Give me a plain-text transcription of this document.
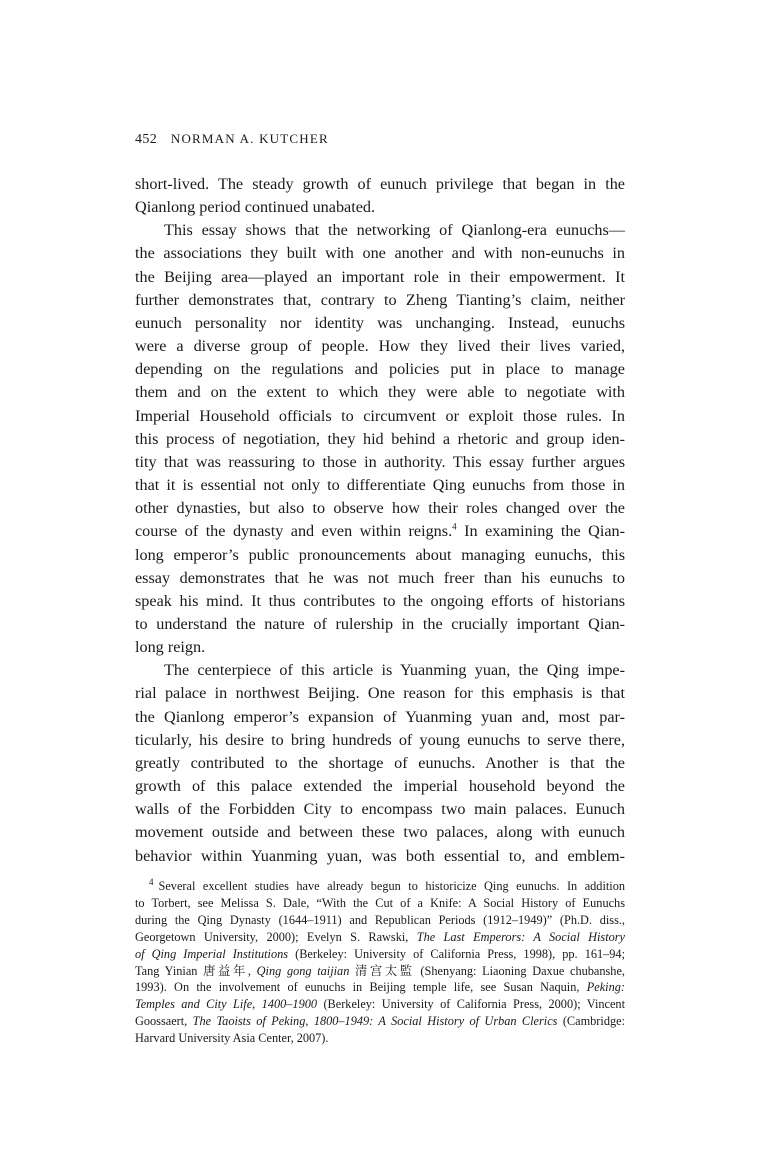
452 NORMAN A. KUTCHER
short-lived. The steady growth of eunuch privilege that began in the
Qianlong period continued unabated.
This essay shows that the networking of Qianlong-era eunuchs—
the associations they built with one another and with non-eunuchs in
the Beijing area—played an important role in their empowerment. It
further demonstrates that, contrary to Zheng Tianting’s claim, neither
eunuch personality nor identity was unchanging. Instead, eunuchs
were a diverse group of people. How they lived their lives varied,
depending on the regulations and policies put in place to manage
them and on the extent to which they were able to negotiate with
Imperial Household officials to circumvent or exploit those rules. In
this process of negotiation, they hid behind a rhetoric and group iden-
tity that was reassuring to those in authority. This essay further argues
that it is essential not only to differentiate Qing eunuchs from those in
other dynasties, but also to observe how their roles changed over the
course of the dynasty and even within reigns.$^4$ In examining the Qian-
long emperor’s public pronouncements about managing eunuchs, this
essay demonstrates that he was not much freer than his eunuchs to
speak his mind. It thus contributes to the ongoing efforts of historians
to understand the nature of rulership in the crucially important Qian-
long reign.
The centerpiece of this article is Yuanming yuan, the Qing impe-
rial palace in northwest Beijing. One reason for this emphasis is that
the Qianlong emperor’s expansion of Yuanming yuan and, most par-
ticularly, his desire to bring hundreds of young eunuchs to serve there,
greatly contributed to the shortage of eunuchs. Another is that the
growth of this palace extended the imperial household beyond the
walls of the Forbidden City to encompass two main palaces. Eunuch
movement outside and between these two palaces, along with eunuch
behavior within Yuanming yuan, was both essential to, and emblem-
$^4$ Several excellent studies have already begun to historicize Qing eunuchs. In addition
to Torbert, see Melissa S. Dale, “With the Cut of a Knife: A Social History of Eunuchs
during the Qing Dynasty (1644–1911) and Republican Periods (1912–1949)” (Ph.D. diss.,
Georgetown University, 2000); Evelyn S. Rawski, The Last Emperors: A Social History
of Qing Imperial Institutions (Berkeley: University of California Press, 1998), pp. 161–94;
Tang Yinian 唐益年, Qing gong taijian 清宫太監 (Shenyang: Liaoning Daxue chubanshe,
1993). On the involvement of eunuchs in Beijing temple life, see Susan Naquin, Peking:
Temples and City Life, 1400–1900 (Berkeley: University of California Press, 2000); Vincent
Goossaert, The Taoists of Peking, 1800–1949: A Social History of Urban Clerics (Cambridge:
Harvard University Asia Center, 2007).
